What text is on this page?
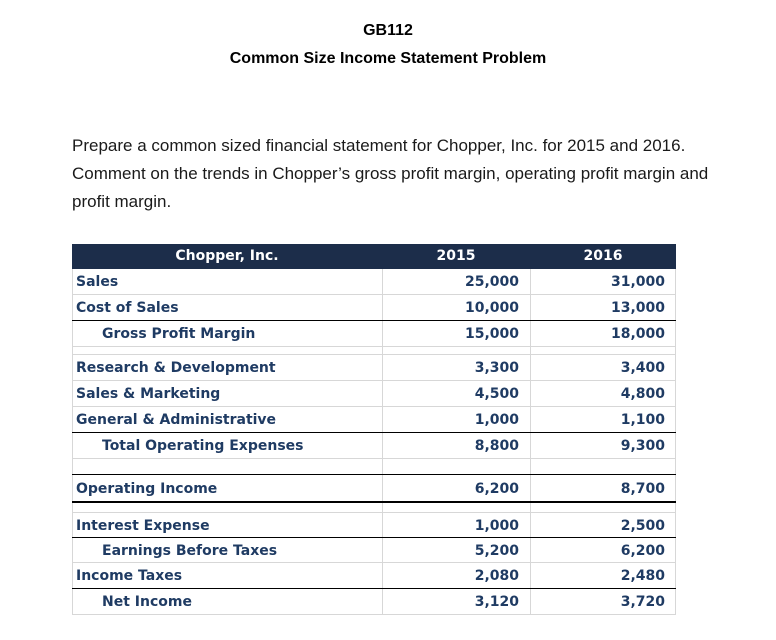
GB112
Common Size Income Statement Problem
Prepare a common sized financial statement for Chopper, Inc. for 2015 and 2016. Comment on the trends in Chopper’s gross profit margin, operating profit margin and profit margin.
Chopper, Inc.	2015	2016
Sales	25,000	31,000
Cost of Sales	10,000	13,000
Gross Profit Margin	15,000	18,000
Research & Development	3,300	3,400
Sales & Marketing	4,500	4,800
General & Administrative	1,000	1,100
Total Operating Expenses	8,800	9,300
Operating Income	6,200	8,700
Interest Expense	1,000	2,500
Earnings Before Taxes	5,200	6,200
Income Taxes	2,080	2,480
Net Income	3,120	3,720
